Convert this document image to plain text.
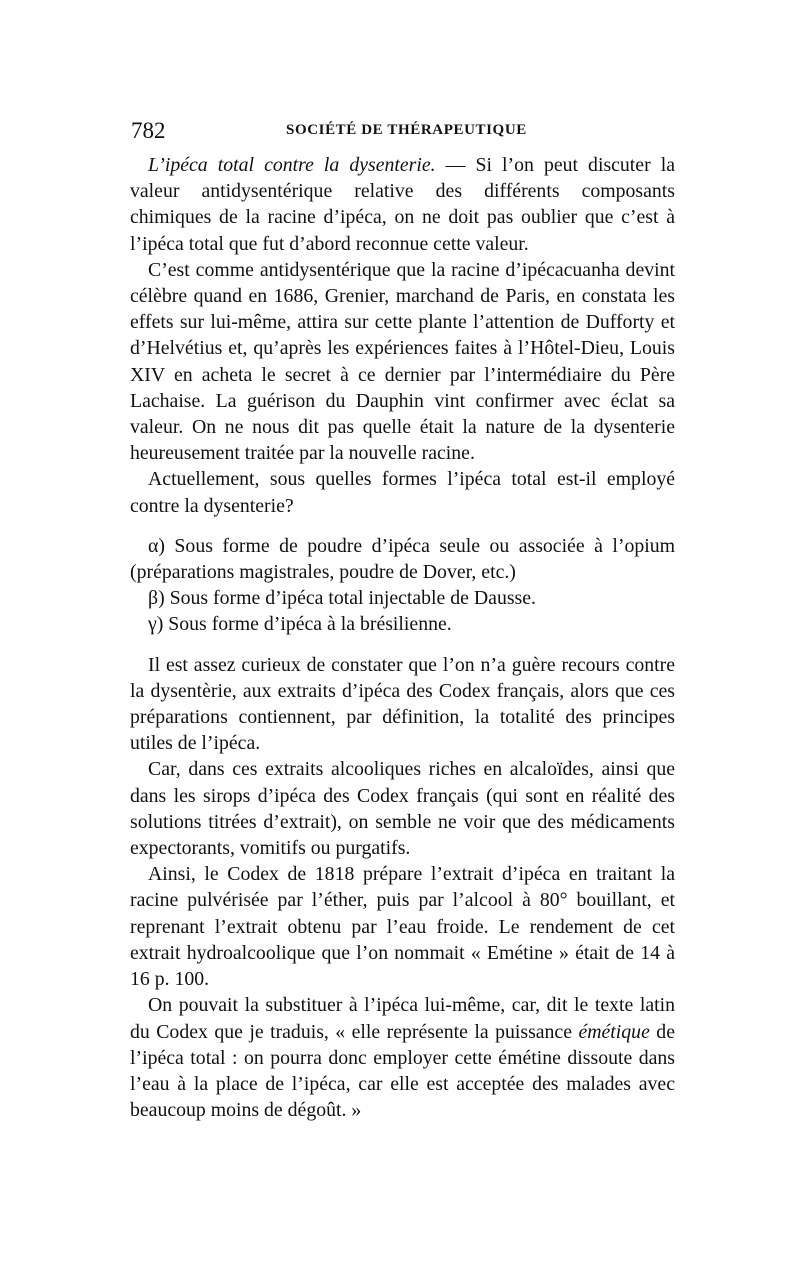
782	SOCIÉTÉ DE THÉRAPEUTIQUE

L’ipéca total contre la dysenterie. — Si l’on peut discuter la valeur antidysentérique relative des différents composants chimiques de la racine d’ipéca, on ne doit pas oublier que c’est à l’ipéca total que fut d’abord reconnue cette valeur.

C’est comme antidysentérique que la racine d’ipécacuanha devint célèbre quand en 1686, Grenier, marchand de Paris, en constata les effets sur lui-même, attira sur cette plante l’attention de Dufforty et d’Helvétius et, qu’après les expériences faites à l’Hôtel-Dieu, Louis XIV en acheta le secret à ce dernier par l’intermédiaire du Père Lachaise. La guérison du Dauphin vint confirmer avec éclat sa valeur. On ne nous dit pas quelle était la nature de la dysenterie heureusement traitée par la nouvelle racine.

Actuellement, sous quelles formes l’ipéca total est-il employé contre la dysenterie?

α) Sous forme de poudre d’ipéca seule ou associée à l’opium (préparations magistrales, poudre de Dover, etc.)

β) Sous forme d’ipéca total injectable de Dausse.

γ) Sous forme d’ipéca à la brésilienne.

Il est assez curieux de constater que l’on n’a guère recours contre la dysentèrie, aux extraits d’ipéca des Codex français, alors que ces préparations contiennent, par définition, la totalité des principes utiles de l’ipéca.

Car, dans ces extraits alcooliques riches en alcaloïdes, ainsi que dans les sirops d’ipéca des Codex français (qui sont en réalité des solutions titrées d’extrait), on semble ne voir que des médicaments expectorants, vomitifs ou purgatifs.

Ainsi, le Codex de 1818 prépare l’extrait d’ipéca en traitant la racine pulvérisée par l’éther, puis par l’alcool à 80° bouillant, et reprenant l’extrait obtenu par l’eau froide. Le rendement de cet extrait hydroalcoolique que l’on nommait « Emétine » était de 14 à 16 p. 100.

On pouvait la substituer à l’ipéca lui-même, car, dit le texte latin du Codex que je traduis, « elle représente la puissance émétique de l’ipéca total : on pourra donc employer cette émétine dissoute dans l’eau à la place de l’ipéca, car elle est acceptée des malades avec beaucoup moins de dégoût. »
